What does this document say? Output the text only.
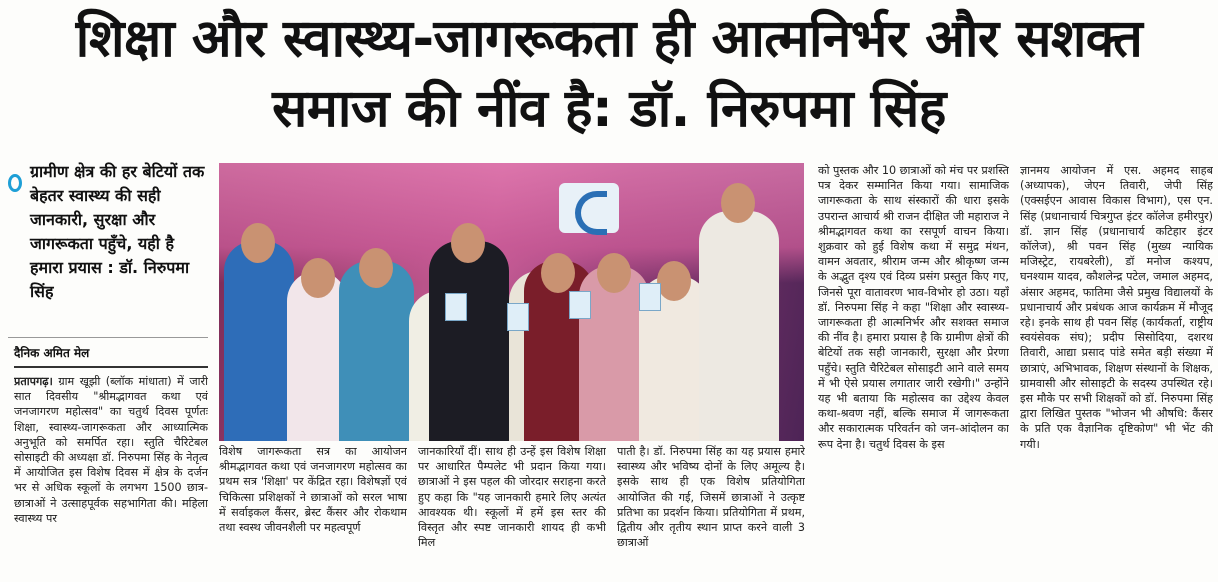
शिक्षा और स्वास्थ्य-जागरूकता ही आत्मनिर्भर और सशक्त
समाज की नींव है: डॉ. निरुपमा सिंह
ग्रामीण क्षेत्र की हर बेटियों तक बेहतर स्वास्थ्य की सही जानकारी, सुरक्षा और जागरूकता पहुँचे, यही है हमारा प्रयास : डॉ. निरुपमा सिंह
दैनिक अमित मेल
प्रतापगढ़। ग्राम खूझी (ब्लॉक मांधाता) में जारी सात दिवसीय "श्रीमद्भागवत कथा एवं जनजागरण महोत्सव" का चतुर्थ दिवस पूर्णतः शिक्षा, स्वास्थ्य-जागरूकता और आध्यात्मिक अनुभूति को समर्पित रहा। स्तुति चैरिटेबल सोसाइटी की अध्यक्षा डॉ. निरुपमा सिंह के नेतृत्व में आयोजित इस विशेष दिवस में क्षेत्र के दर्जन भर से अधिक स्कूलों के लगभग 1500 छात्र-छात्राओं ने उत्साहपूर्वक सहभागिता की। महिला स्वास्थ्य पर
विशेष जागरूकता सत्र का आयोजन श्रीमद्भागवत कथा एवं जनजागरण महोत्सव का प्रथम सत्र 'शिक्षा' पर केंद्रित रहा। विशेषज्ञों एवं चिकित्सा प्रशिक्षकों ने छात्राओं को सरल भाषा में सर्वाइकल कैंसर, ब्रेस्ट कैंसर और रोकथाम तथा स्वस्थ जीवनशैली पर महत्वपूर्ण
जानकारियाँ दीं। साथ ही उन्हें इस विशेष शिक्षा पर आधारित पैम्पलेट भी प्रदान किया गया। छात्राओं ने इस पहल की जोरदार सराहना करते हुए कहा कि "यह जानकारी हमारे लिए अत्यंत आवश्यक थी। स्कूलों में हमें इस स्तर की विस्तृत और स्पष्ट जानकारी शायद ही कभी मिल
पाती है। डॉ. निरुपमा सिंह का यह प्रयास हमारे स्वास्थ्य और भविष्य दोनों के लिए अमूल्य है। इसके साथ ही एक विशेष प्रतियोगिता आयोजित की गई, जिसमें छात्राओं ने उत्कृष्ट प्रतिभा का प्रदर्शन किया। प्रतियोगिता में प्रथम, द्वितीय और तृतीय स्थान प्राप्त करने वाली 3 छात्राओं
को पुस्तक और 10 छात्राओं को मंच पर प्रशस्ति पत्र देकर सम्मानित किया गया। सामाजिक जागरूकता के साथ संस्कारों की धारा इसके उपरान्त आचार्य श्री राजन दीक्षित जी महाराज ने श्रीमद्भागवत कथा का रसपूर्ण वाचन किया। शुक्रवार को हुई विशेष कथा में समुद्र मंथन, वामन अवतार, श्रीराम जन्म और श्रीकृष्ण जन्म के अद्भुत दृश्य एवं दिव्य प्रसंग प्रस्तुत किए गए, जिनसे पूरा वातावरण भाव-विभोर हो उठा। यहाँ डॉ. निरुपमा सिंह ने कहा "शिक्षा और स्वास्थ्य-जागरूकता ही आत्मनिर्भर और सशक्त समाज की नींव है। हमारा प्रयास है कि ग्रामीण क्षेत्रों की बेटियों तक सही जानकारी, सुरक्षा और प्रेरणा पहुँचे। स्तुति चैरिटेबल सोसाइटी आने वाले समय में भी ऐसे प्रयास लगातार जारी रखेगी।" उन्होंने यह भी बताया कि महोत्सव का उद्देश्य केवल कथा-श्रवण नहीं, बल्कि समाज में जागरूकता और सकारात्मक परिवर्तन को जन-आंदोलन का रूप देना है। चतुर्थ दिवस के इस
ज्ञानमय आयोजन में एस. अहमद साहब (अध्यापक), जेएन तिवारी, जेपी सिंह (एक्सईएन आवास विकास विभाग), एस एन. सिंह (प्रधानाचार्य चित्रगुप्त इंटर कॉलेज हमीरपुर) डॉ. ज्ञान सिंह (प्रधानाचार्य कटिहार इंटर कॉलेज), श्री पवन सिंह (मुख्य न्यायिक मजिस्ट्रेट, रायबरेली), डॉ मनोज कश्यप, घनश्याम यादव, कौशलेन्द्र पटेल, जमाल अहमद, अंसार अहमद, फातिमा जैसे प्रमुख विद्यालयों के प्रधानाचार्य और प्रबंधक आज कार्यक्रम में मौजूद रहे। इनके साथ ही पवन सिंह (कार्यकर्ता, राष्ट्रीय स्वयंसेवक संघ); प्रदीप सिसोदिया, दशरथ तिवारी, आद्या प्रसाद पांडे समेत बड़ी संख्या में छात्राएं, अभिभावक, शिक्षण संस्थानों के शिक्षक, ग्रामवासी और सोसाइटी के सदस्य उपस्थित रहे। इस मौके पर सभी शिक्षकों को डॉ. निरुपमा सिंह द्वारा लिखित पुस्तक "भोजन भी औषधि: कैंसर के प्रति एक वैज्ञानिक दृष्टिकोण" भी भेंट की गयी।
